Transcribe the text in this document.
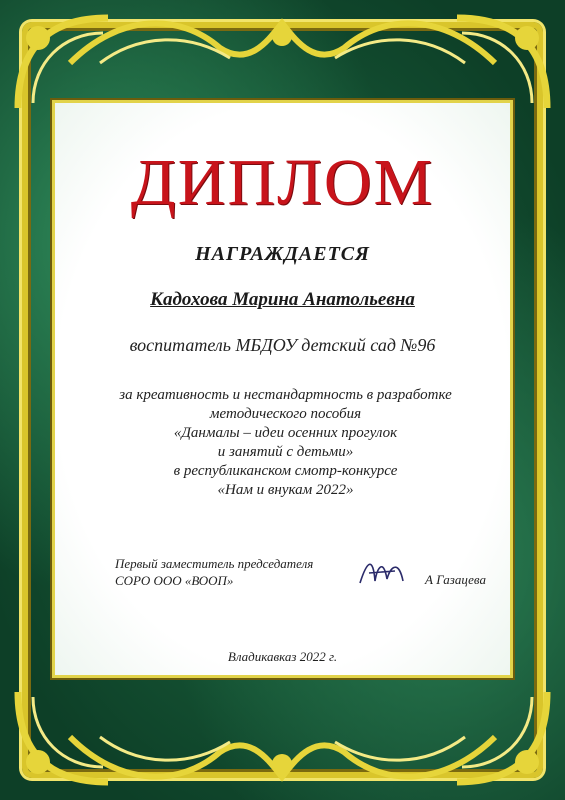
ДИПЛОМ
НАГРАЖДАЕТСЯ
Кадохова Марина Анатольевна
воспитатель МБДОУ детский сад №96
за креативность и нестандартность в разработке
методического пособия
«Данмалы – идеи осенних прогулок
и занятий с детьми»
в республиканском смотр-конкурсе
«Нам и внукам 2022»
Первый заместитель председателя
СОРО ООО «ВООП»	А Газацева
Владикавказ 2022 г.
